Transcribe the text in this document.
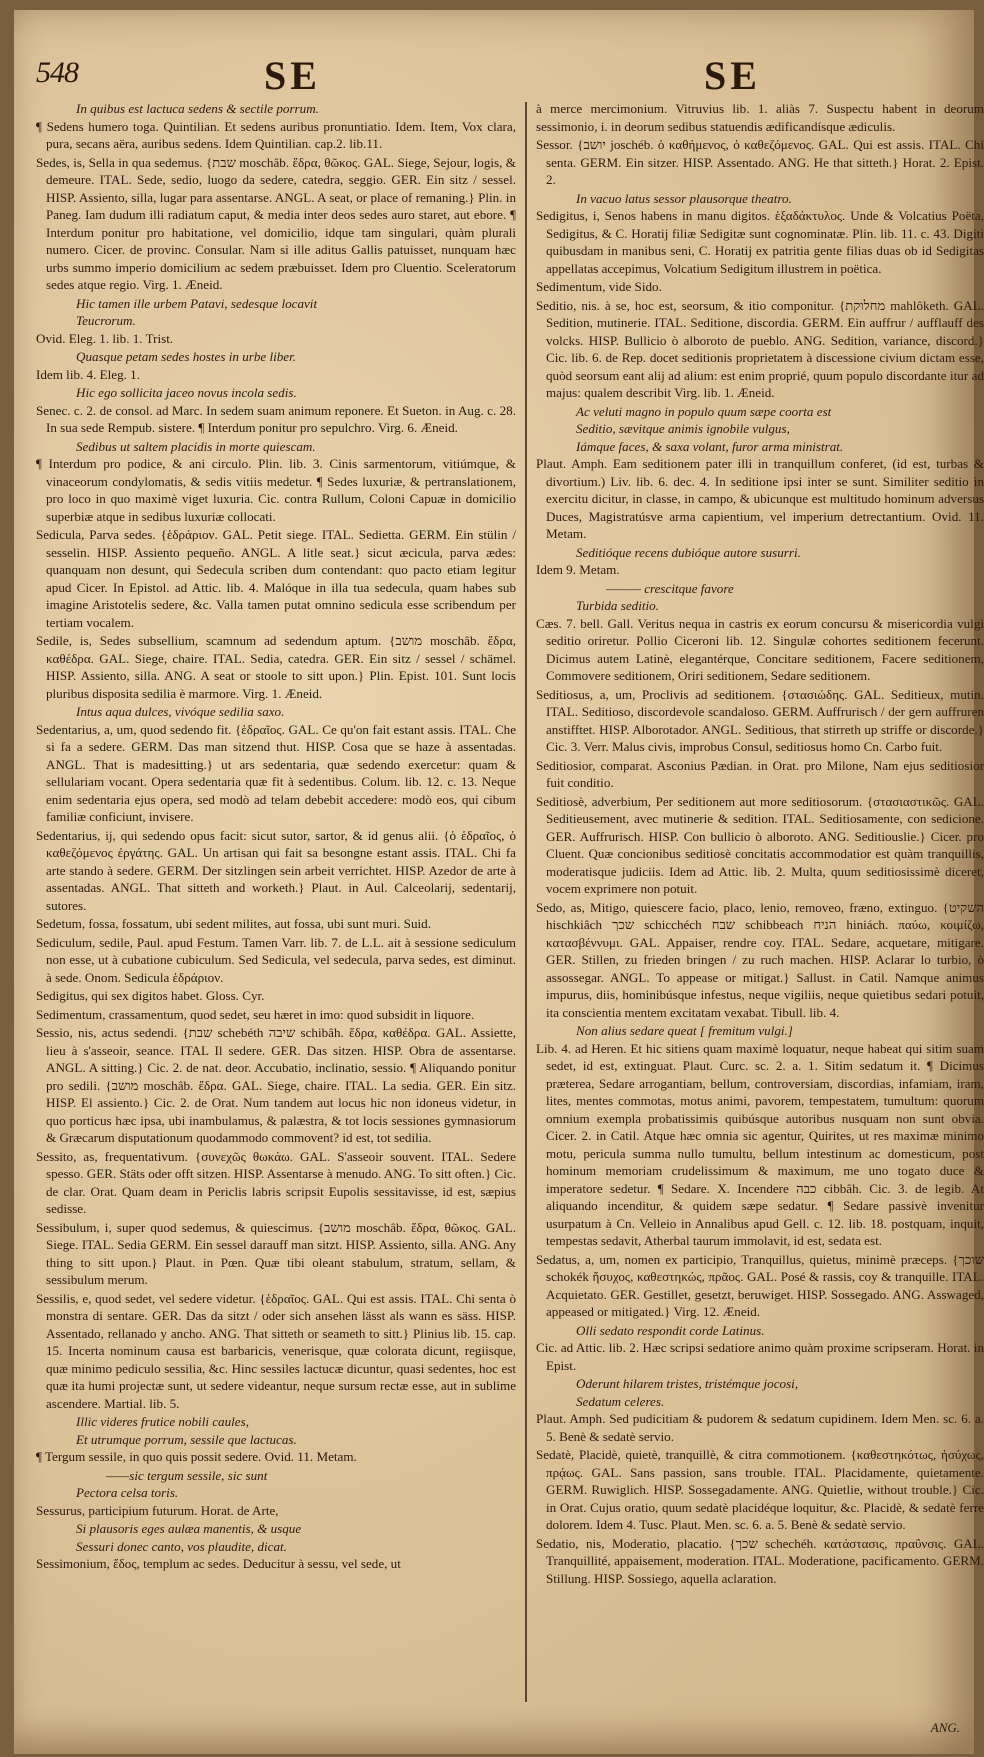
548	SE	SE

In quibus est lactuca sedens & sectile porrum.

¶ Sedens humero toga. Quintilian. Et sedens auribus pronuntiatio. Idem. Item, Vox clara, pura, secans aëra, auribus sedens. Idem Quintilian. cap.2. lib.11.

Sedes, is, Sella in qua sedemus. {שבת moschâb. ἕδρα, θῶκος. GAL. Siege, Sejour, logis, & demeure. ITAL. Sede, sedio, luogo da sedere, catedra, seggio. GER. Ein sitz / sessel. HISP. Assiento, silla, lugar para assentarse. ANGL. A seat, or place of remaning.} Plin. in Paneg. Iam dudum illi radiatum caput, & media inter deos sedes auro staret, aut ebore. ¶ Interdum ponitur pro habitatione, vel domicilio, idque tam singulari, quàm plurali numero. Cicer. de provinc. Consular. Nam si ille aditus Gallis patuisset, nunquam hæc urbs summo imperio domicilium ac sedem præbuisset. Idem pro Cluentio. Sceleratorum sedes atque regio. Virg. 1. Æneid.

Hic tamen ille urbem Patavi, sedesque locavit

Teucrorum.

Ovid. Eleg. 1. lib. 1. Trist.

Quasque petam sedes hostes in urbe liber.

Idem lib. 4. Eleg. 1.

Hic ego sollicita jaceo novus incola sedis.

Senec. c. 2. de consol. ad Marc. In sedem suam animum reponere. Et Sueton. in Aug. c. 28. In sua sede Rempub. sistere. ¶ Interdum ponitur pro sepulchro. Virg. 6. Æneid.

Sedibus ut saltem placidis in morte quiescam.

¶ Interdum pro podice, & ani circulo. Plin. lib. 3. Cinis sarmentorum, vitiúmque, & vinaceorum condylomatis, & sedis vitiis medetur. ¶ Sedes luxuriæ, & pertranslationem, pro loco in quo maximè viget luxuria. Cic. contra Rullum, Coloni Capuæ in domicilio superbiæ atque in sedibus luxuriæ collocati.

Sedicula, Parva sedes. {ἑδράριον. GAL. Petit siege. ITAL. Sedietta. GERM. Ein stülin / sesselin. HISP. Assiento pequeño. ANGL. A litle seat.} sicut æcicula, parva ædes: quanquam non desunt, qui Sedecula scriben dum contendant: quo pacto etiam legitur apud Cicer. In Epistol. ad Attic. lib. 4. Malóque in illa tua sedecula, quam habes sub imagine Aristotelis sedere, &c. Valla tamen putat omnino sedicula esse scribendum per tertiam vocalem.

Sedile, is, Sedes subsellium, scamnum ad sedendum aptum. {מושב moschâb. ἕδρα, καθέδρα. GAL. Siege, chaire. ITAL. Sedia, catedra. GER. Ein sitz / sessel / schämel. HISP. Assiento, silla. ANG. A seat or stoole to sitt upon.} Plin. Epist. 101. Sunt locis pluribus disposita sedilia è marmore. Virg. 1. Æneid.

Intus aqua dulces, vivóque sedilia saxo.

Sedentarius, a, um, quod sedendo fit. {ἑδραῖος. GAL. Ce qu'on fait estant assis. ITAL. Che si fa a sedere. GERM. Das man sitzend thut. HISP. Cosa que se haze à assentadas. ANGL. That is madesitting.} ut ars sedentaria, quæ sedendo exercetur: quam & sellulariam vocant. Opera sedentaria quæ fit à sedentibus. Colum. lib. 12. c. 13. Neque enim sedentaria ejus opera, sed modò ad telam debebit accedere: modò eos, qui cibum familiæ conficiunt, invisere.

Sedentarius, ij, qui sedendo opus facit: sicut sutor, sartor, & id genus alii. {ὁ ἑδραῖος, ὁ καθεζόμενος ἐργάτης. GAL. Un artisan qui fait sa besongne estant assis. ITAL. Chi fa arte stando à sedere. GERM. Der sitzlingen sein arbeit verrichtet. HISP. Azedor de arte à assentadas. ANGL. That sitteth and worketh.} Plaut. in Aul. Calceolarij, sedentarij, sutores.

Sedetum, fossa, fossatum, ubi sedent milites, aut fossa, ubi sunt muri. Suid.

Sediculum, sedile, Paul. apud Festum. Tamen Varr. lib. 7. de L.L. ait à sessione sediculum non esse, ut à cubatione cubiculum. Sed Sedicula, vel sedecula, parva sedes, est diminut. à sede. Onom. Sedicula ἑδράριον.

Sedigitus, qui sex digitos habet. Gloss. Cyr.

Sedimentum, crassamentum, quod sedet, seu hæret in imo: quod subsidit in liquore.

Sessio, nis, actus sedendi. {שבת schebéth שיבה schibâh. ἕδρα, καθέδρα. GAL. Assiette, lieu à s'asseoir, seance. ITAL Il sedere. GER. Das sitzen. HISP. Obra de assentarse. ANGL. A sitting.} Cic. 2. de nat. deor. Accubatio, inclinatio, sessio. ¶ Aliquando ponitur pro sedili. {מושב moschâb. ἕδρα. GAL. Siege, chaire. ITAL. La sedia. GER. Ein sitz. HISP. El assiento.} Cic. 2. de Orat. Num tandem aut locus hic non idoneus videtur, in quo porticus hæc ipsa, ubi inambulamus, & palæstra, & tot locis sessiones gymnasiorum & Græcarum disputationum quodammodo commovent? id est, tot sedilia.

Sessito, as, frequentativum. {συνεχῶς θωκάω. GAL. S'asseoir souvent. ITAL. Sedere spesso. GER. Stäts oder offt sitzen. HISP. Assentarse à menudo. ANG. To sitt often.} Cic. de clar. Orat. Quam deam in Periclis labris scripsit Eupolis sessitavisse, id est, sæpius sedisse.

Sessibulum, i, super quod sedemus, & quiescimus. {מושב moschâb. ἕδρα, θῶκος. GAL. Siege. ITAL. Sedia GERM. Ein sessel darauff man sitzt. HISP. Assiento, silla. ANG. Any thing to sitt upon.} Plaut. in Pœn. Quæ tibi oleant stabulum, stratum, sellam, & sessibulum merum.

Sessilis, e, quod sedet, vel sedere videtur. {ἑδραῖος. GAL. Qui est assis. ITAL. Chi senta ò monstra di sentare. GER. Das da sitzt / oder sich ansehen lässt als wann es säss. HISP. Assentado, rellanado y ancho. ANG. That sitteth or seameth to sitt.} Plinius lib. 15. cap. 15. Incerta nominum causa est barbaricis, venerisque, quæ colorata dicunt, regiisque, quæ minimo pediculo sessilia, &c. Hinc sessiles lactucæ dicuntur, quasi sedentes, hoc est quæ ita humi projectæ sunt, ut sedere videantur, neque sursum rectæ esse, aut in sublime ascendere. Martial. lib. 5.

Illic videres frutice nobili caules,

Et utrumque porrum, sessile que lactucas.

¶ Tergum sessile, in quo quis possit sedere. Ovid. 11. Metam.

——sic tergum sessile, sic sunt

Pectora celsa toris.

Sessurus, participium futurum. Horat. de Arte,

Si plausoris eges aulæa manentis, & usque

Sessuri donec canto, vos plaudite, dicat.

Sessimonium, ἕδος, templum ac sedes. Deducitur à sessu, vel sede, ut

à merce mercimonium. Vitruvius lib. 1. aliàs 7. Suspectu habent in deorum sessimonio, i. in deorum sedibus statuendis ædificandísque ædiculis.

Sessor. {יושב joschéb. ὁ καθήμενος, ὁ καθεζόμενος. GAL. Qui est assis. ITAL. Chi senta. GERM. Ein sitzer. HISP. Assentado. ANG. He that sitteth.} Horat. 2. Epist. 2.

In vacuo latus sessor plausorque theatro.

Sedigitus, i, Senos habens in manu digitos. ἑξαδάκτυλος. Unde & Volcatius Poëta, Sedigitus, & C. Horatij filiæ Sedigitæ sunt cognominatæ. Plin. lib. 11. c. 43. Digiti quibusdam in manibus seni, C. Horatij ex patritia gente filias duas ob id Sedigitas appellatas accepimus, Volcatium Sedigitum illustrem in poëtica.

Sedimentum, vide Sido.

Seditio, nis. à se, hoc est, seorsum, & itio componitur. {מחלוקת mahlôketh. GAL. Sedition, mutinerie. ITAL. Seditione, discordia. GERM. Ein auffrur / aufflauff des volcks. HISP. Bullicio ò alboroto de pueblo. ANG. Sedition, variance, discord.} Cic. lib. 6. de Rep. docet seditionis proprietatem à discessione civium dictam esse, quòd seorsum eant alij ad alium: est enim proprié, quum populo discordante itur ad majus: qualem describit Virg. lib. 1. Æneid.

Ac veluti magno in populo quum sæpe coorta est

Seditio, sævitque animis ignobile vulgus,

Iámque faces, & saxa volant, furor arma ministrat.

Plaut. Amph. Eam seditionem pater illi in tranquillum conferet, (id est, turbas & divortium.) Liv. lib. 6. dec. 4. In seditione ipsi inter se sunt. Similiter seditio in exercitu dicitur, in classe, in campo, & ubicunque est multitudo hominum adversus Duces, Magistratúsve arma capientium, vel imperium detrectantium. Ovid. 11. Metam.

Seditióque recens dubióque autore susurri.

Idem 9. Metam.

——— crescitque favore

Turbida seditio.

Cæs. 7. bell. Gall. Veritus nequa in castris ex eorum concursu & misericordia vulgi seditio oriretur. Pollio Ciceroni lib. 12. Singulæ cohortes seditionem fecerunt. Dicimus autem Latinè, elegantérque, Concitare seditionem, Facere seditionem, Commovere seditionem, Oriri seditionem, Sedare seditionem.

Seditiosus, a, um, Proclivis ad seditionem. {στασιώδης. GAL. Seditieux, mutin. ITAL. Seditioso, discordevole scandaloso. GERM. Auffrurisch / der gern auffruren anstifftet. HISP. Alborotador. ANGL. Seditious, that stirreth up striffe or discorde.} Cic. 3. Verr. Malus civis, improbus Consul, seditiosus homo Cn. Carbo fuit.

Seditiosior, comparat. Asconius Pædian. in Orat. pro Milone, Nam ejus seditiosior fuit conditio.

Seditiosè, adverbium, Per seditionem aut more seditiosorum. {στασιαστικῶς. GAL. Seditieusement, avec mutinerie & sedition. ITAL. Seditiosamente, con sedicione. GER. Auffrurisch. HISP. Con bullicio ò alboroto. ANG. Seditiouslie.} Cicer. pro Cluent. Quæ concionibus seditiosè concitatis accommodatior est quàm tranquillis, moderatisque judiciis. Idem ad Attic. lib. 2. Multa, quum seditiosissimè diceret, vocem exprimere non potuit.

Sedo, as, Mitigo, quiescere facio, placo, lenio, removeo, fræno, extinguo. {השקיט hischkiâch שכך schicchéch שבח schibbeach הניח hiniách. παύω, κοιμίζω, κατασβέννυμι. GAL. Appaiser, rendre coy. ITAL. Sedare, acquetare, mitigare. GER. Stillen, zu frieden bringen / zu ruch machen. HISP. Aclarar lo turbio, ò assossegar. ANGL. To appease or mitigat.} Sallust. in Catil. Namque animus impurus, diis, hominibúsque infestus, neque vigiliis, neque quietibus sedari potuit, ita conscientia mentem excitatam vexabat. Tibull. lib. 4.

Non alius sedare queat [ fremitum vulgi.]

Lib. 4. ad Heren. Et hic sitiens quam maximè loquatur, neque habeat qui sitim suam sedet, id est, extinguat. Plaut. Curc. sc. 2. a. 1. Sitim sedatum it. ¶ Dicimus præterea, Sedare arrogantiam, bellum, controversiam, discordias, infamiam, iram, lites, mentes commotas, motus animi, pavorem, tempestatem, tumultum: quorum omnium exempla probatissimis quibúsque autoribus nusquam non sunt obvia. Cicer. 2. in Catil. Atque hæc omnia sic agentur, Quirites, ut res maximæ minimo motu, pericula summa nullo tumultu, bellum intestinum ac domesticum, post hominum memoriam crudelissimum & maximum, me uno togato duce & imperatore sedetur. ¶ Sedare. X. Incendere כבה cibbâh. Cic. 3. de legib. At aliquando incenditur, & quidem sæpe sedatur. ¶ Sedare passivè invenitur usurpatum à Cn. Velleio in Annalibus apud Gell. c. 12. lib. 18. postquam, inquit, tempestas sedavit, Atherbal taurum immolavit, id est, sedata est.

Sedatus, a, um, nomen ex participio, Tranquillus, quietus, minimè præceps. {שוכך schokék ἥσυχος, καθεστηκώς, πρᾶος. GAL. Posé & rassis, coy & tranquille. ITAL. Acquietato. GER. Gestillet, gesetzt, beruwiget. HISP. Sossegado. ANG. Asswaged, appeased or mitigated.} Virg. 12. Æneid.

Olli sedato respondit corde Latinus.

Cic. ad Attic. lib. 2. Hæc scripsi sedatiore animo quàm proxime scripseram. Horat. in Epist.

Oderunt hilarem tristes, tristémque jocosi,

Sedatum celeres.

Plaut. Amph. Sed pudicitiam & pudorem & sedatum cupidinem. Idem Men. sc. 6. a. 5. Benè & sedatè servio.

Sedatè, Placidè, quietè, tranquillè, & citra commotionem. {καθεστηκότως, ἡσύχως, πρᾴως. GAL. Sans passion, sans trouble. ITAL. Placidamente, quietamente. GERM. Ruwiglich. HISP. Sossegadamente. ANG. Quietlie, without trouble.} Cic. in Orat. Cujus oratio, quum sedatè placidéque loquitur, &c. Placidè, & sedatè ferre dolorem. Idem 4. Tusc. Plaut. Men. sc. 6. a. 5. Benè & sedatè servio.

Sedatio, nis, Moderatio, placatio. {שכך schechéh. κατάστασις, πραΰνσις. GAL. Tranquillité, appaisement, moderation. ITAL. Moderatione, pacificamento. GERM. Stillung. HISP. Sossiego, aquella aclaration.

ANG.
